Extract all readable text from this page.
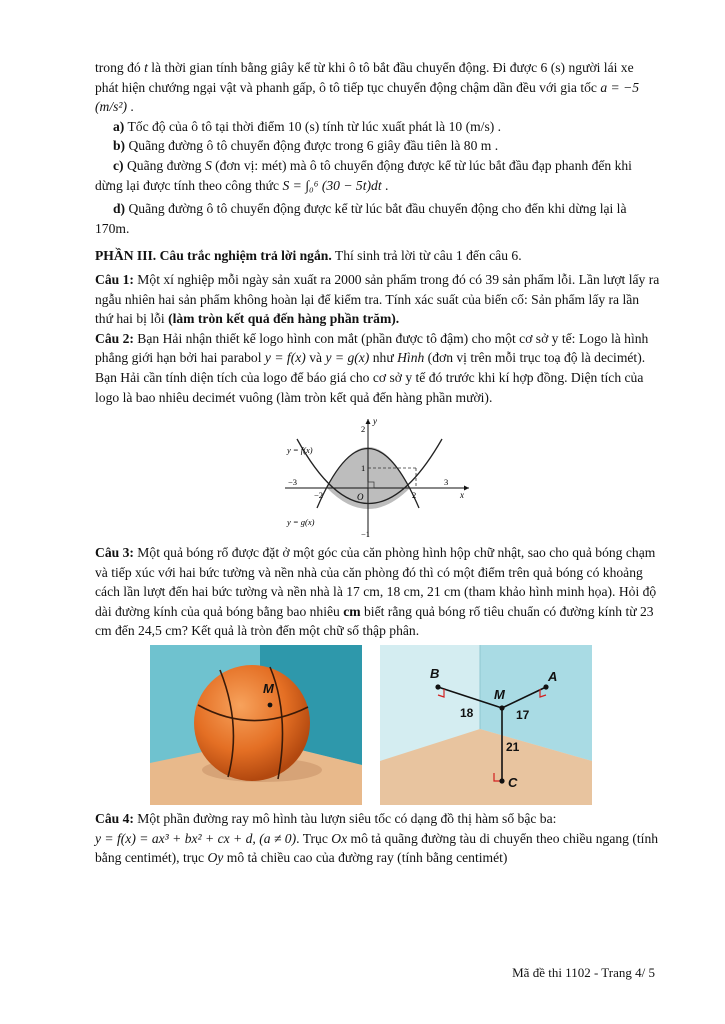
trong đó t là thời gian tính bằng giây kể từ khi ô tô bắt đầu chuyển động. Đi được 6 (s) người lái xe phát hiện chướng ngại vật và phanh gấp, ô tô tiếp tục chuyển động chậm dần đều với gia tốc a = −5 (m/s²) .

a) Tốc độ của ô tô tại thời điểm 10 (s) tính từ lúc xuất phát là 10 (m/s) .

b) Quãng đường ô tô chuyển động được trong 6 giây đầu tiên là 80 m .

c) Quãng đường S (đơn vị: mét) mà ô tô chuyển động được kể từ lúc bắt đầu đạp phanh đến khi dừng lại được tính theo công thức S = ∫₀⁶ (30 − 5t)dt .

d) Quãng đường ô tô chuyển động được kể từ lúc bắt đầu chuyển động cho đến khi dừng lại là 170m.

PHẦN III. Câu trắc nghiệm trả lời ngắn. Thí sinh trả lời từ câu 1 đến câu 6.

Câu 1: Một xí nghiệp mỗi ngày sản xuất ra 2000 sản phẩm trong đó có 39 sản phẩm lỗi. Lần lượt lấy ra ngẫu nhiên hai sản phẩm không hoàn lại để kiểm tra. Tính xác suất của biến cố: Sản phẩm lấy ra lần thứ hai bị lỗi (làm tròn kết quả đến hàng phần trăm).

Câu 2: Bạn Hải nhận thiết kế logo hình con mắt (phần được tô đậm) cho một cơ sở y tế: Logo là hình phẳng giới hạn bởi hai parabol y = f(x) và y = g(x) như Hình (đơn vị trên mỗi trục toạ độ là decimét). Bạn Hải cần tính diện tích của logo để báo giá cho cơ sở y tế đó trước khi kí hợp đồng. Diện tích của logo là bao nhiêu decimét vuông (làm tròn kết quả đến hàng phần mười).

y
x
y = f(x)
y = g(x)
O
2
1
−3
−2	2
3
−1

Câu 3: Một quả bóng rổ được đặt ở một góc của căn phòng hình hộp chữ nhật, sao cho quả bóng chạm và tiếp xúc với hai bức tường và nền nhà của căn phòng đó thì có một điểm trên quả bóng có khoảng cách lần lượt đến hai bức tường và nền nhà là 17 cm, 18 cm, 21 cm (tham khảo hình minh họa). Hỏi độ dài đường kính của quả bóng bằng bao nhiêu cm biết rằng quả bóng rổ tiêu chuẩn có đường kính từ 23 cm đến 24,5 cm? Kết quả là tròn đến một chữ số thập phân.

M
B	A
M
C
18	17
21

Câu 4: Một phần đường ray mô hình tàu lượn siêu tốc có dạng đồ thị hàm số bậc ba:
y = f(x) = ax³ + bx² + cx + d, (a ≠ 0). Trục Ox mô tả quãng đường tàu di chuyển theo chiều ngang (tính bằng centimét), trục Oy mô tả chiều cao của đường ray (tính bằng centimét)

Mã đề thi 1102 - Trang 4/ 5
